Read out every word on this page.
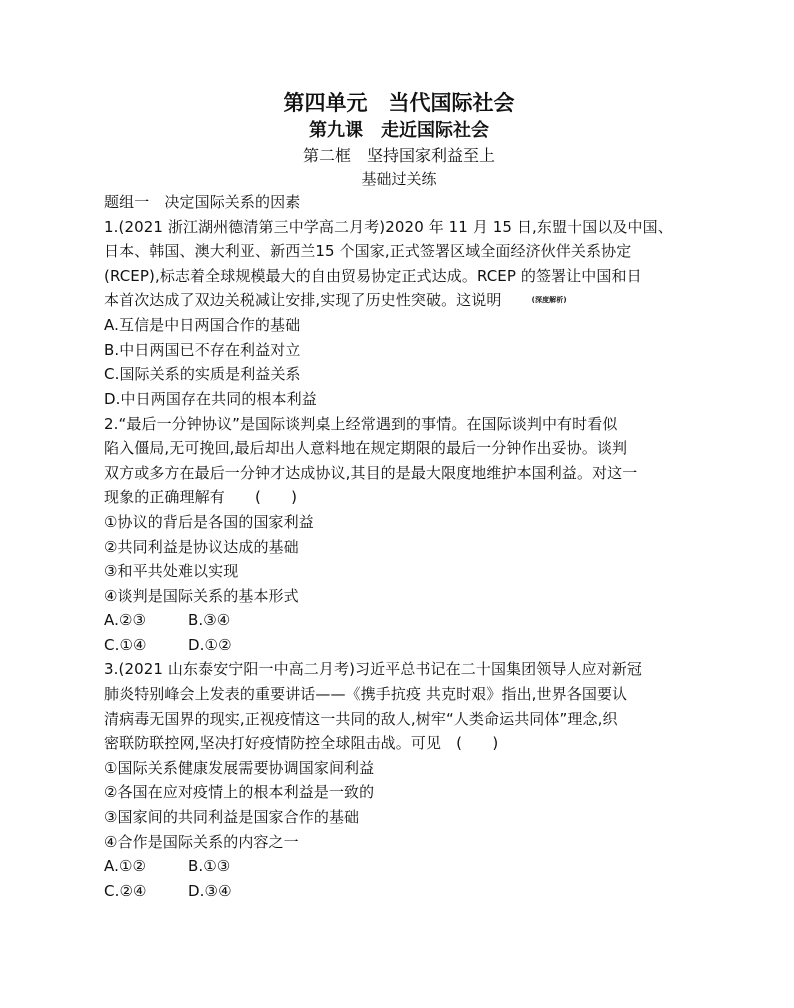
第四单元　当代国际社会
第九课　走近国际社会
第二框　坚持国家利益至上
基础过关练
题组一　决定国际关系的因素
1.(2021 浙江湖州德清第三中学高二月考)2020 年 11 月 15 日,东盟十国以及中国、
日本、韩国、澳大利亚、新西兰15 个国家,正式签署区域全面经济伙伴关系协定
(RCEP),标志着全球规模最大的自由贸易协定正式达成。RCEP 的签署让中国和日
本首次达成了双边关税减让安排,实现了历史性突破。这说明　　(深度解析)
A.互信是中日两国合作的基础
B.中日两国已不存在利益对立
C.国际关系的实质是利益关系
D.中日两国存在共同的根本利益
2.“最后一分钟协议”是国际谈判桌上经常遇到的事情。在国际谈判中有时看似
陷入僵局,无可挽回,最后却出人意料地在规定期限的最后一分钟作出妥协。谈判
双方或多方在最后一分钟才达成协议,其目的是最大限度地维护本国利益。对这一
现象的正确理解有　　(　　)
①协议的背后是各国的国家利益
②共同利益是协议达成的基础
③和平共处难以实现
④谈判是国际关系的基本形式
A.②③	B.③④
C.①④	D.①②
3.(2021 山东泰安宁阳一中高二月考)习近平总书记在二十国集团领导人应对新冠
肺炎特别峰会上发表的重要讲话——《携手抗疫 共克时艰》指出,世界各国要认
清病毒无国界的现实,正视疫情这一共同的敌人,树牢“人类命运共同体”理念,织
密联防联控网,坚决打好疫情防控全球阻击战。可见　(　　)
①国际关系健康发展需要协调国家间利益
②各国在应对疫情上的根本利益是一致的
③国家间的共同利益是国家合作的基础
④合作是国际关系的内容之一
A.①②	B.①③
C.②④	D.③④
